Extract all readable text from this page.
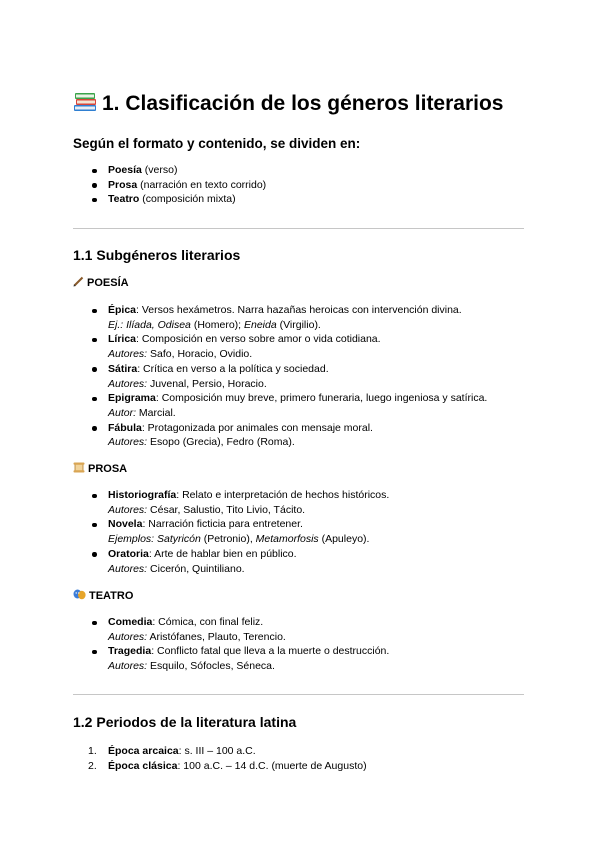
1. Clasificación de los géneros literarios

Según el formato y contenido, se dividen en:

Poesía (verso)
Prosa (narración en texto corrido)
Teatro (composición mixta)
1.1 Subgéneros literarios
POESÍA
Épica: Versos hexámetros. Narra hazañas heroicas con intervención divina.
Ej.: Ilíada, Odisea (Homero); Eneida (Virgilio).
Lírica: Composición en verso sobre amor o vida cotidiana.
Autores: Safo, Horacio, Ovidio.
Sátira: Crítica en verso a la política y sociedad.
Autores: Juvenal, Persio, Horacio.
Epigrama: Composición muy breve, primero funeraria, luego ingeniosa y satírica.
Autor: Marcial.
Fábula: Protagonizada por animales con mensaje moral.
Autores: Esopo (Grecia), Fedro (Roma).
PROSA
Historiografía: Relato e interpretación de hechos históricos.
Autores: César, Salustio, Tito Livio, Tácito.
Novela: Narración ficticia para entretener.
Ejemplos: Satyricón (Petronio), Metamorfosis (Apuleyo).
Oratoria: Arte de hablar bien en público.
Autores: Cicerón, Quintiliano.
TEATRO
Comedia: Cómica, con final feliz.
Autores: Aristófanes, Plauto, Terencio.
Tragedia: Conflicto fatal que lleva a la muerte o destrucción.
Autores: Esquilo, Sófocles, Séneca.
1.2 Periodos de la literatura latina
1. Época arcaica: s. III – 100 a.C.
2. Época clásica: 100 a.C. – 14 d.C. (muerte de Augusto)
